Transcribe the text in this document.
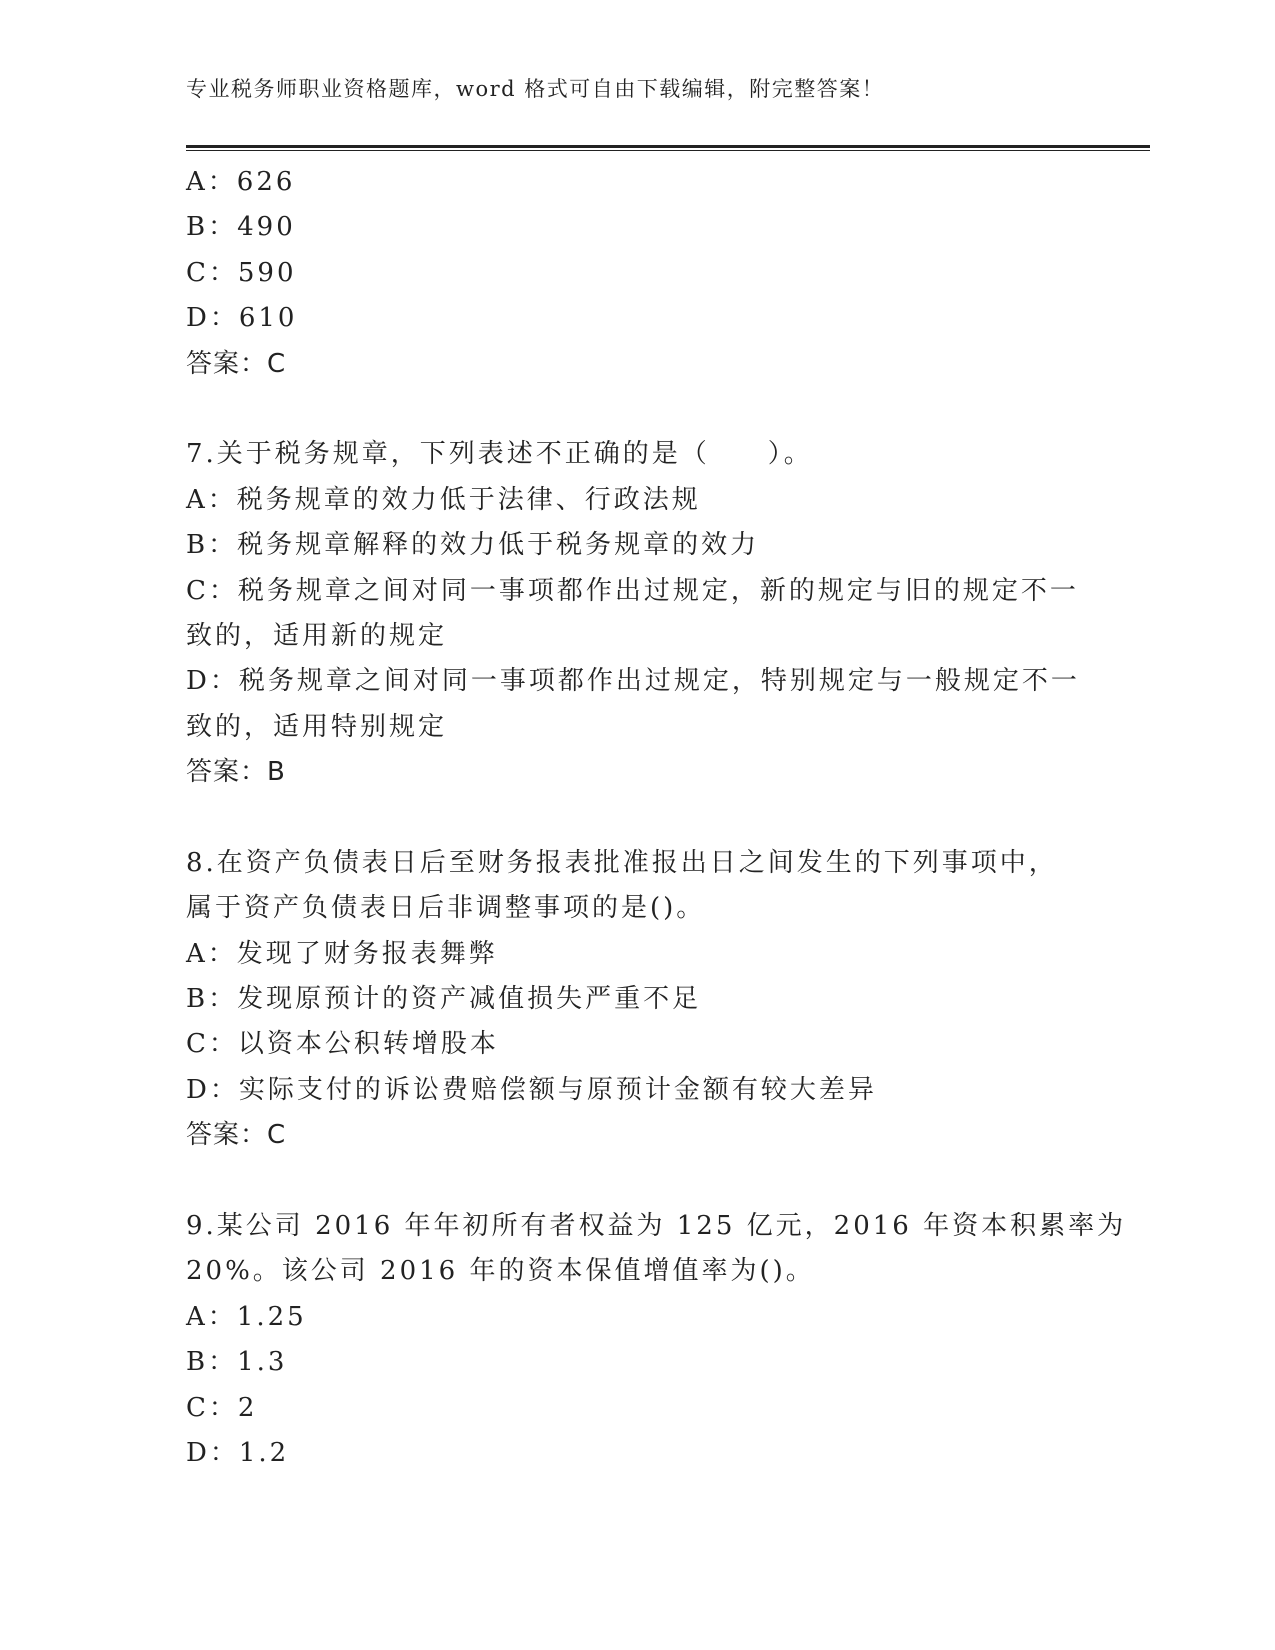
专业税务师职业资格题库，word 格式可自由下载编辑，附完整答案！
A：626
B：490
C：590
D：610
答案：C
7.关于税务规章，下列表述不正确的是（　　）。
A：税务规章的效力低于法律、行政法规
B：税务规章解释的效力低于税务规章的效力
C：税务规章之间对同一事项都作出过规定，新的规定与旧的规定不一
致的，适用新的规定
D：税务规章之间对同一事项都作出过规定，特别规定与一般规定不一
致的，适用特别规定
答案：B
8.在资产负债表日后至财务报表批准报出日之间发生的下列事项中，
属于资产负债表日后非调整事项的是()。
A：发现了财务报表舞弊
B：发现原预计的资产减值损失严重不足
C：以资本公积转增股本
D：实际支付的诉讼费赔偿额与原预计金额有较大差异
答案：C
9.某公司 2016 年年初所有者权益为 125 亿元，2016 年资本积累率为
20%。该公司 2016 年的资本保值增值率为()。
A：1.25
B：1.3
C：2
D：1.2
